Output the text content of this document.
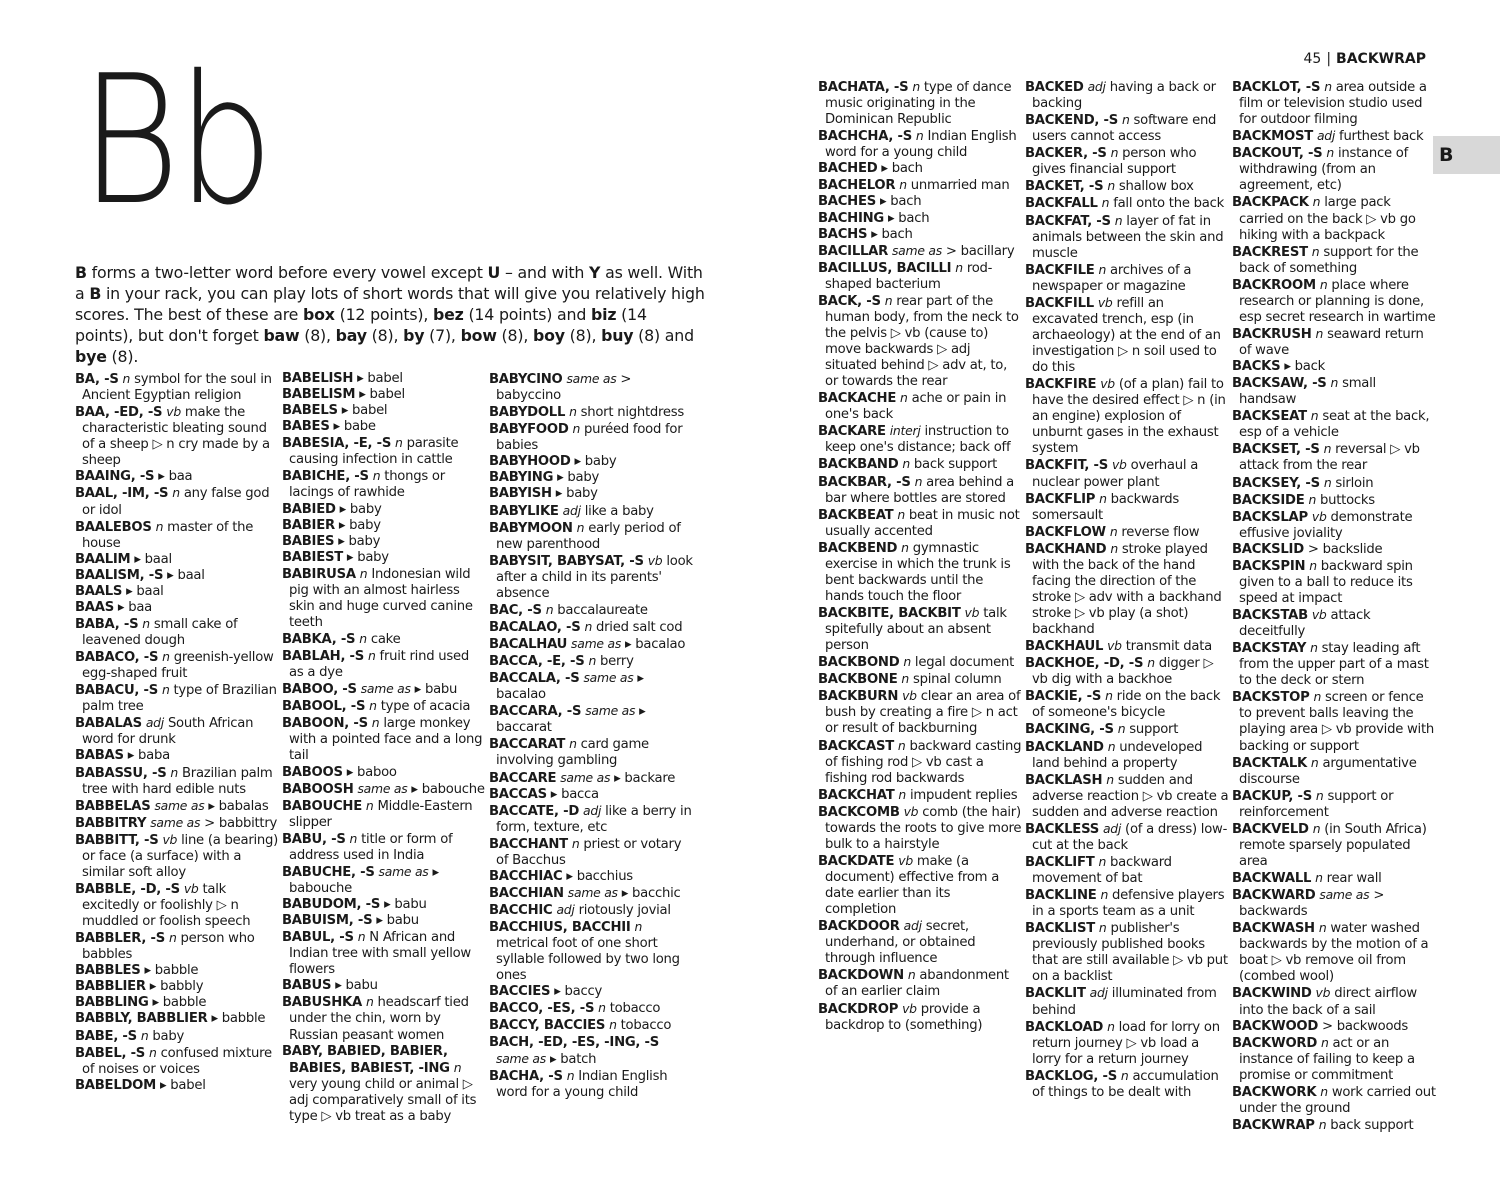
Bb
B forms a two-letter word before every vowel except U – and with Y as well. With a B in your rack, you can play lots of short words that will give you relatively high scores. The best of these are box (12 points), bez (14 points) and biz (14 points), but don't forget baw (8), bay (8), by (7), bow (8), boy (8), buy (8) and bye (8).
45 | BACKWRAP
B
BA, -S n symbol for the soul in Ancient Egyptian religion
BAA, -ED, -S vb make the characteristic bleating sound of a sheep ▷ n cry made by a sheep
BAAING, -S ▸ baa
BAAL, -IM, -S n any false god or idol
BAALEBOS n master of the house
BAALIM ▸ baal
BAALISM, -S ▸ baal
BAALS ▸ baal
BAAS ▸ baa
BABA, -S n small cake of leavened dough
BABACO, -S n greenish-yellow egg-shaped fruit
BABACU, -S n type of Brazilian palm tree
BABALAS adj South African word for drunk
BABAS ▸ baba
BABASSU, -S n Brazilian palm tree with hard edible nuts
BABBELAS same as ▸ babalas
BABBITRY same as > babbittry
BABBITT, -S vb line (a bearing) or face (a surface) with a similar soft alloy
BABBLE, -D, -S vb talk excitedly or foolishly ▷ n muddled or foolish speech
BABBLER, -S n person who babbles
BABBLES ▸ babble
BABBLIER ▸ babbly
BABBLING ▸ babble
BABBLY, BABBLIER ▸ babble
BABE, -S n baby
BABEL, -S n confused mixture of noises or voices
BABELDOM ▸ babel
BABELISH ▸ babel
BABELISM ▸ babel
BABELS ▸ babel
BABES ▸ babe
BABESIA, -E, -S n parasite causing infection in cattle
BABICHE, -S n thongs or lacings of rawhide
BABIED ▸ baby
BABIER ▸ baby
BABIES ▸ baby
BABIEST ▸ baby
BABIRUSA n Indonesian wild pig with an almost hairless skin and huge curved canine teeth
BABKA, -S n cake
BABLAH, -S n fruit rind used as a dye
BABOO, -S same as ▸ babu
BABOOL, -S n type of acacia
BABOON, -S n large monkey with a pointed face and a long tail
BABOOS ▸ baboo
BABOOSH same as ▸ babouche
BABOUCHE n Middle-Eastern slipper
BABU, -S n title or form of address used in India
BABUCHE, -S same as ▸ babouche
BABUDOM, -S ▸ babu
BABUISM, -S ▸ babu
BABUL, -S n N African and Indian tree with small yellow flowers
BABUS ▸ babu
BABUSHKA n headscarf tied under the chin, worn by Russian peasant women
BABY, BABIED, BABIER, BABIES, BABIEST, -ING n very young child or animal ▷ adj comparatively small of its type ▷ vb treat as a baby
BABYCINO same as > babyccino
BABYDOLL n short nightdress
BABYFOOD n puréed food for babies
BABYHOOD ▸ baby
BABYING ▸ baby
BABYISH ▸ baby
BABYLIKE adj like a baby
BABYMOON n early period of new parenthood
BABYSIT, BABYSAT, -S vb look after a child in its parents' absence
BAC, -S n baccalaureate
BACALAO, -S n dried salt cod
BACALHAU same as ▸ bacalao
BACCA, -E, -S n berry
BACCALA, -S same as ▸ bacalao
BACCARA, -S same as ▸ baccarat
BACCARAT n card game involving gambling
BACCARE same as ▸ backare
BACCAS ▸ bacca
BACCATE, -D adj like a berry in form, texture, etc
BACCHANT n priest or votary of Bacchus
BACCHIAC ▸ bacchius
BACCHIAN same as ▸ bacchic
BACCHIC adj riotously jovial
BACCHIUS, BACCHII n metrical foot of one short syllable followed by two long ones
BACCIES ▸ baccy
BACCO, -ES, -S n tobacco
BACCY, BACCIES n tobacco
BACH, -ED, -ES, -ING, -S same as ▸ batch
BACHA, -S n Indian English word for a young child
BACHATA, -S n type of dance music originating in the Dominican Republic
BACHCHA, -S n Indian English word for a young child
BACHED ▸ bach
BACHELOR n unmarried man
BACHES ▸ bach
BACHING ▸ bach
BACHS ▸ bach
BACILLAR same as > bacillary
BACILLUS, BACILLI n rod-shaped bacterium
BACK, -S n rear part of the human body, from the neck to the pelvis ▷ vb (cause to) move backwards ▷ adj situated behind ▷ adv at, to, or towards the rear
BACKACHE n ache or pain in one's back
BACKARE interj instruction to keep one's distance; back off
BACKBAND n back support
BACKBAR, -S n area behind a bar where bottles are stored
BACKBEAT n beat in music not usually accented
BACKBEND n gymnastic exercise in which the trunk is bent backwards until the hands touch the floor
BACKBITE, BACKBIT vb talk spitefully about an absent person
BACKBOND n legal document
BACKBONE n spinal column
BACKBURN vb clear an area of bush by creating a fire ▷ n act or result of backburning
BACKCAST n backward casting of fishing rod ▷ vb cast a fishing rod backwards
BACKCHAT n impudent replies
BACKCOMB vb comb (the hair) towards the roots to give more bulk to a hairstyle
BACKDATE vb make (a document) effective from a date earlier than its completion
BACKDOOR adj secret, underhand, or obtained through influence
BACKDOWN n abandonment of an earlier claim
BACKDROP vb provide a backdrop to (something)
BACKED adj having a back or backing
BACKEND, -S n software end users cannot access
BACKER, -S n person who gives financial support
BACKET, -S n shallow box
BACKFALL n fall onto the back
BACKFAT, -S n layer of fat in animals between the skin and muscle
BACKFILE n archives of a newspaper or magazine
BACKFILL vb refill an excavated trench, esp (in archaeology) at the end of an investigation ▷ n soil used to do this
BACKFIRE vb (of a plan) fail to have the desired effect ▷ n (in an engine) explosion of unburnt gases in the exhaust system
BACKFIT, -S vb overhaul a nuclear power plant
BACKFLIP n backwards somersault
BACKFLOW n reverse flow
BACKHAND n stroke played with the back of the hand facing the direction of the stroke ▷ adv with a backhand stroke ▷ vb play (a shot) backhand
BACKHAUL vb transmit data
BACKHOE, -D, -S n digger ▷ vb dig with a backhoe
BACKIE, -S n ride on the back of someone's bicycle
BACKING, -S n support
BACKLAND n undeveloped land behind a property
BACKLASH n sudden and adverse reaction ▷ vb create a sudden and adverse reaction
BACKLESS adj (of a dress) low-cut at the back
BACKLIFT n backward movement of bat
BACKLINE n defensive players in a sports team as a unit
BACKLIST n publisher's previously published books that are still available ▷ vb put on a backlist
BACKLIT adj illuminated from behind
BACKLOAD n load for lorry on return journey ▷ vb load a lorry for a return journey
BACKLOG, -S n accumulation of things to be dealt with
BACKLOT, -S n area outside a film or television studio used for outdoor filming
BACKMOST adj furthest back
BACKOUT, -S n instance of withdrawing (from an agreement, etc)
BACKPACK n large pack carried on the back ▷ vb go hiking with a backpack
BACKREST n support for the back of something
BACKROOM n place where research or planning is done, esp secret research in wartime
BACKRUSH n seaward return of wave
BACKS ▸ back
BACKSAW, -S n small handsaw
BACKSEAT n seat at the back, esp of a vehicle
BACKSET, -S n reversal ▷ vb attack from the rear
BACKSEY, -S n sirloin
BACKSIDE n buttocks
BACKSLAP vb demonstrate effusive joviality
BACKSLID > backslide
BACKSPIN n backward spin given to a ball to reduce its speed at impact
BACKSTAB vb attack deceitfully
BACKSTAY n stay leading aft from the upper part of a mast to the deck or stern
BACKSTOP n screen or fence to prevent balls leaving the playing area ▷ vb provide with backing or support
BACKTALK n argumentative discourse
BACKUP, -S n support or reinforcement
BACKVELD n (in South Africa) remote sparsely populated area
BACKWALL n rear wall
BACKWARD same as > backwards
BACKWASH n water washed backwards by the motion of a boat ▷ vb remove oil from (combed wool)
BACKWIND vb direct airflow into the back of a sail
BACKWOOD > backwoods
BACKWORD n act or an instance of failing to keep a promise or commitment
BACKWORK n work carried out under the ground
BACKWRAP n back support
